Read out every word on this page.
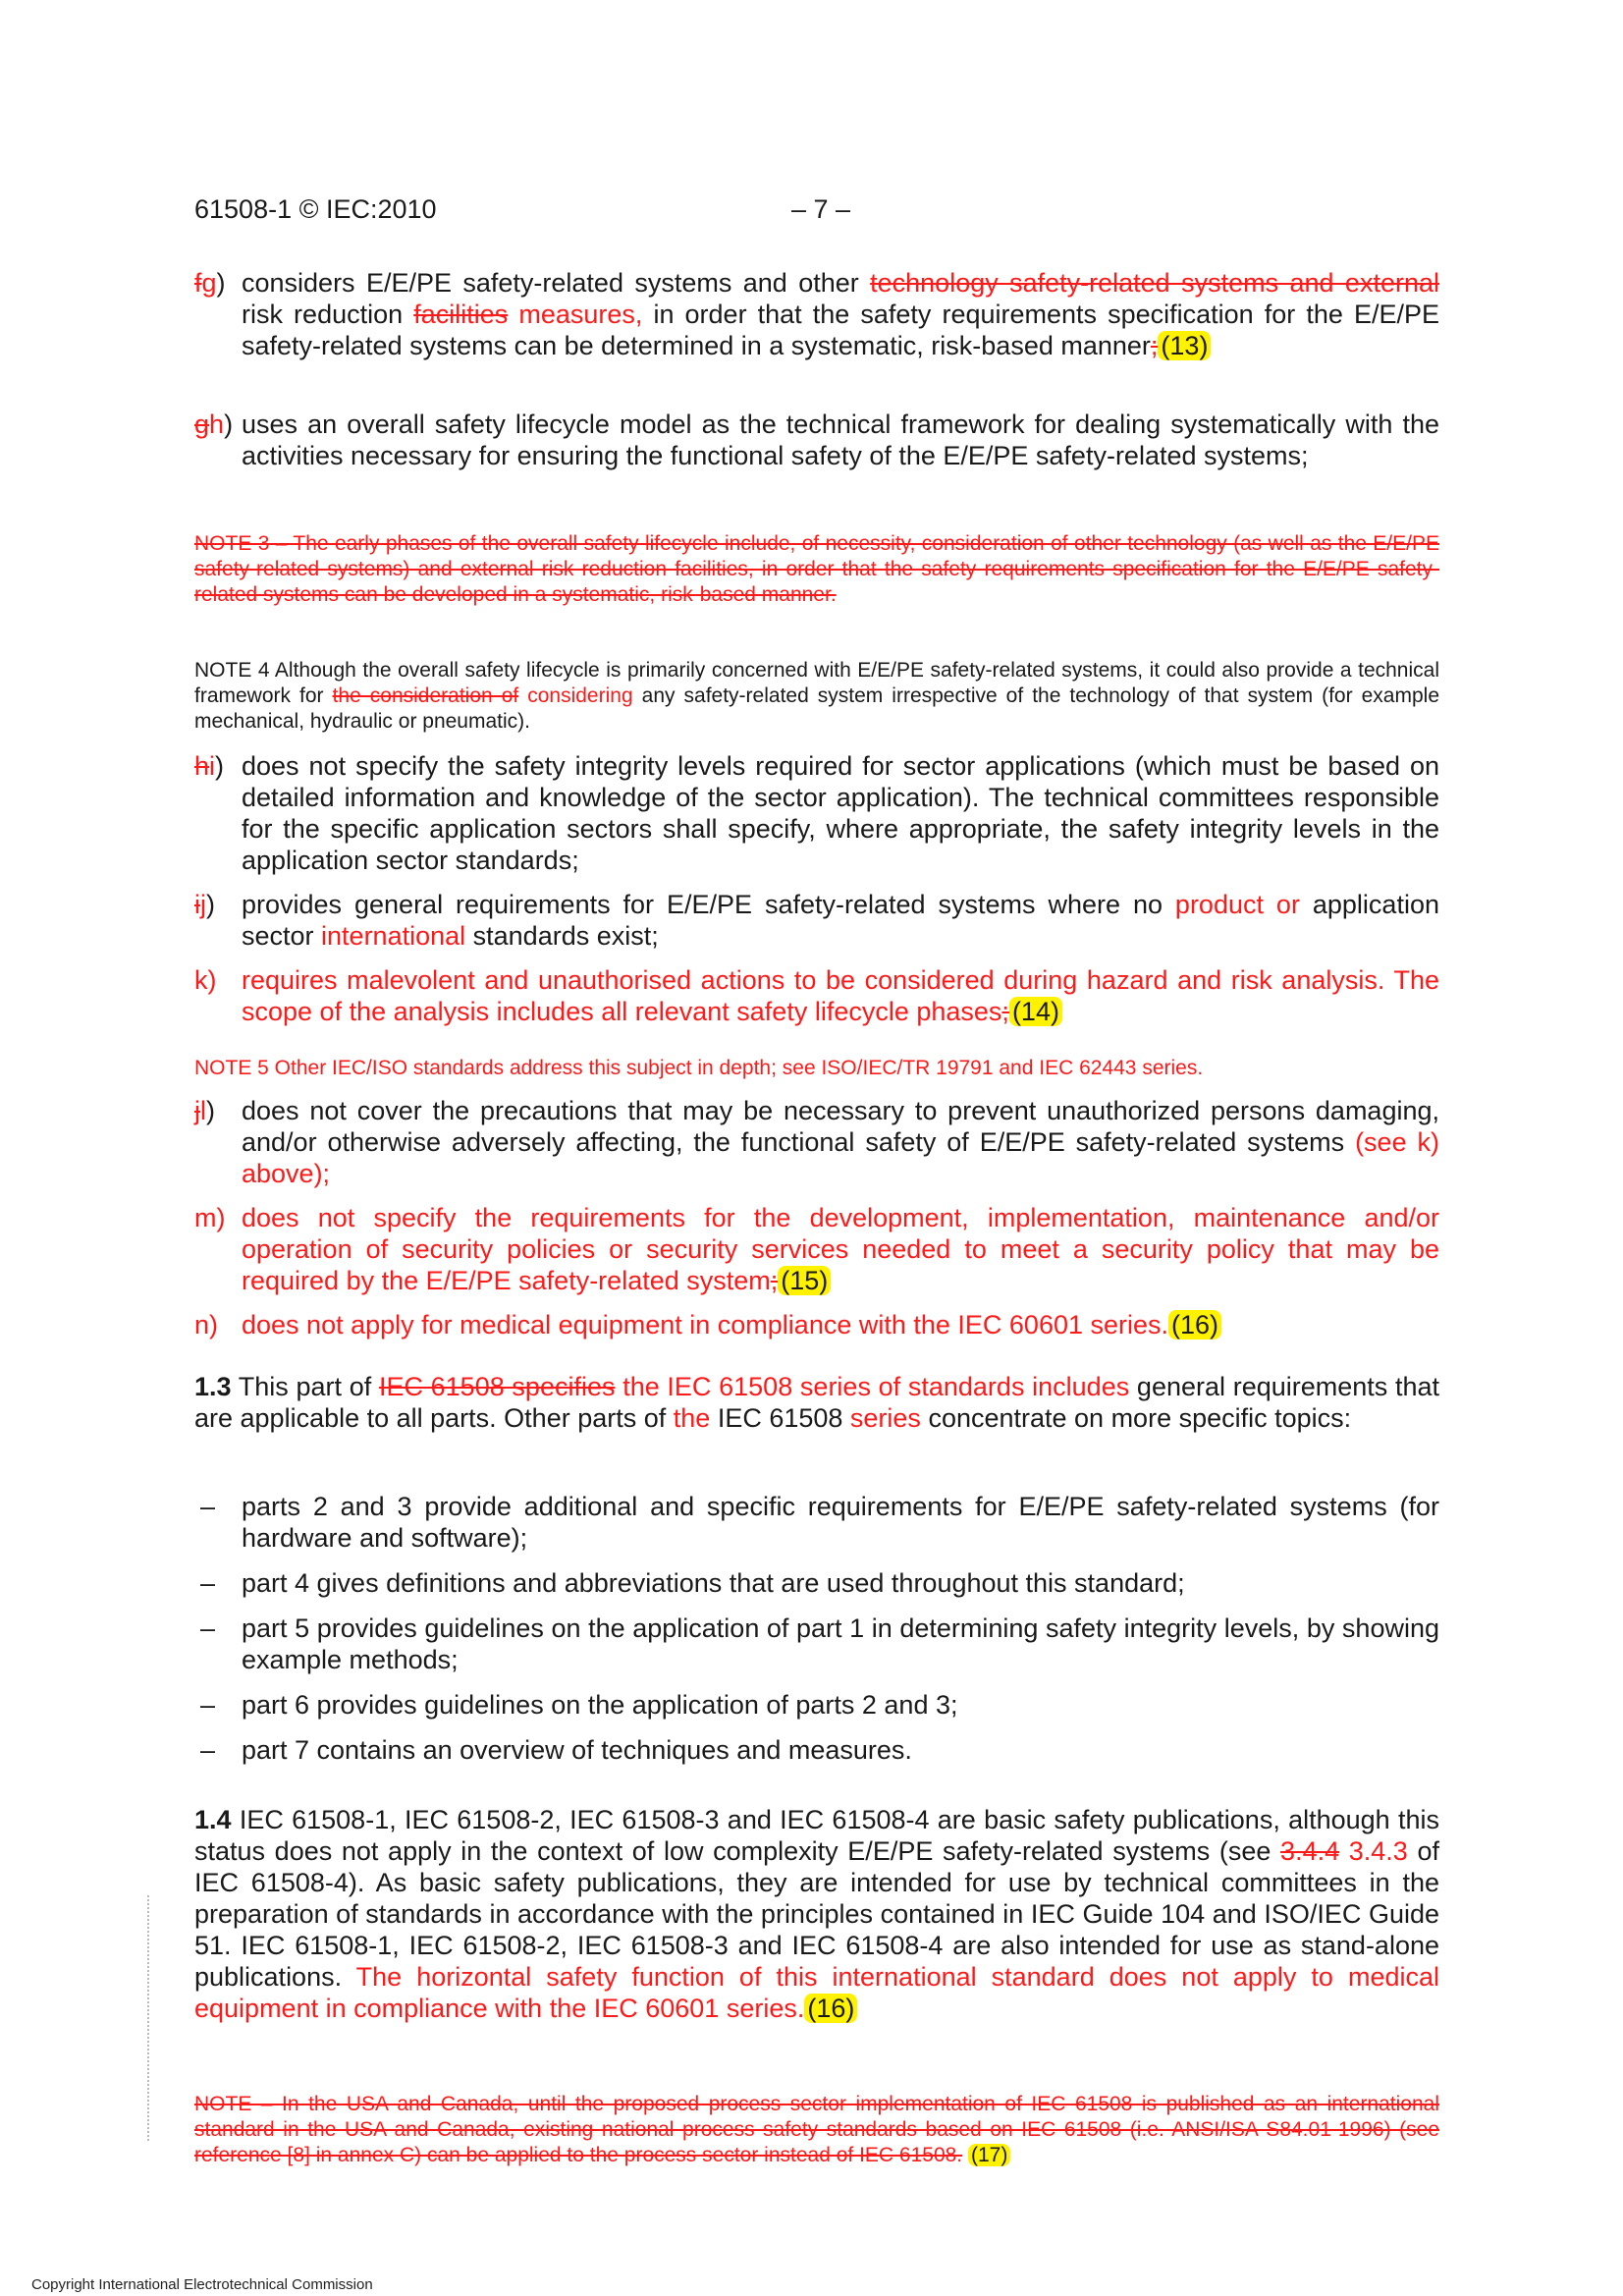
61508-1 © IEC:2010	– 7 –
fg) considers E/E/PE safety-related systems and other technology safety-related systems and external risk reduction facilities measures, in order that the safety requirements specification for the E/E/PE safety-related systems can be determined in a systematic, risk-based manner; (13)
gh) uses an overall safety lifecycle model as the technical framework for dealing systematically with the activities necessary for ensuring the functional safety of the E/E/PE safety-related systems;
NOTE 3 – The early phases of the overall safety lifecycle include, of necessity, consideration of other technology (as well as the E/E/PE safety-related systems) and external risk reduction facilities, in order that the safety requirements specification for the E/E/PE safety-related systems can be developed in a systematic, risk-based manner.
NOTE 4 Although the overall safety lifecycle is primarily concerned with E/E/PE safety-related systems, it could also provide a technical framework for the consideration of considering any safety-related system irrespective of the technology of that system (for example mechanical, hydraulic or pneumatic).
hi) does not specify the safety integrity levels required for sector applications (which must be based on detailed information and knowledge of the sector application). The technical committees responsible for the specific application sectors shall specify, where appropriate, the safety integrity levels in the application sector standards;
ij) provides general requirements for E/E/PE safety-related systems where no product or application sector international standards exist;
k) requires malevolent and unauthorised actions to be considered during hazard and risk analysis. The scope of the analysis includes all relevant safety lifecycle phases; (14)
NOTE 5 Other IEC/ISO standards address this subject in depth; see ISO/IEC/TR 19791 and IEC 62443 series.
jl) does not cover the precautions that may be necessary to prevent unauthorized persons damaging, and/or otherwise adversely affecting, the functional safety of E/E/PE safety-related systems (see k) above);
m) does not specify the requirements for the development, implementation, maintenance and/or operation of security policies or security services needed to meet a security policy that may be required by the E/E/PE safety-related system; (15)
n) does not apply for medical equipment in compliance with the IEC 60601 series. (16)
1.3 This part of IEC 61508 specifies the IEC 61508 series of standards includes general requirements that are applicable to all parts. Other parts of the IEC 61508 series concentrate on more specific topics:
– parts 2 and 3 provide additional and specific requirements for E/E/PE safety-related systems (for hardware and software);
– part 4 gives definitions and abbreviations that are used throughout this standard;
– part 5 provides guidelines on the application of part 1 in determining safety integrity levels, by showing example methods;
– part 6 provides guidelines on the application of parts 2 and 3;
– part 7 contains an overview of techniques and measures.
1.4 IEC 61508-1, IEC 61508-2, IEC 61508-3 and IEC 61508-4 are basic safety publications, although this status does not apply in the context of low complexity E/E/PE safety-related systems (see 3.4.4 3.4.3 of IEC 61508-4). As basic safety publications, they are intended for use by technical committees in the preparation of standards in accordance with the principles contained in IEC Guide 104 and ISO/IEC Guide 51. IEC 61508-1, IEC 61508-2, IEC 61508-3 and IEC 61508-4 are also intended for use as stand-alone publications. The horizontal safety function of this international standard does not apply to medical equipment in compliance with the IEC 60601 series. (16)
NOTE – In the USA and Canada, until the proposed process sector implementation of IEC 61508 is published as an international standard in the USA and Canada, existing national process safety standards based on IEC 61508 (i.e. ANSI/ISA S84.01-1996) (see reference [8] in annex C) can be applied to the process sector instead of IEC 61508. (17)
Copyright International Electrotechnical Commission
